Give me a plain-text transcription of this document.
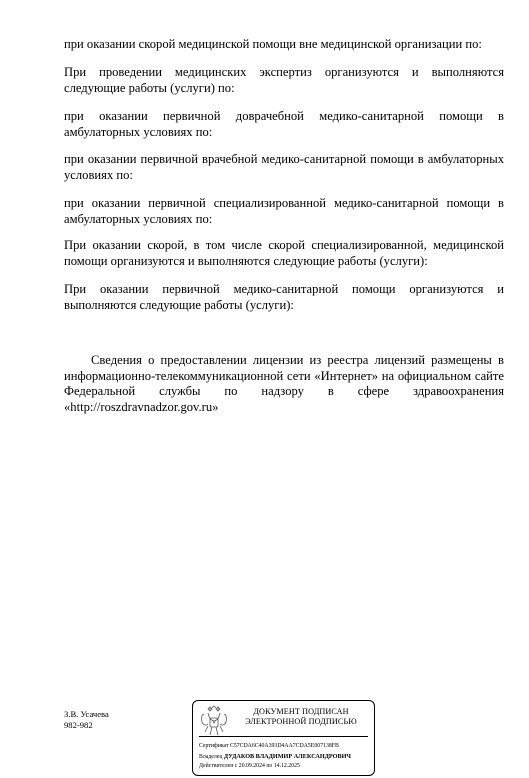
при оказании скорой медицинской помощи вне медицинской организации по:

При проведении медицинских экспертиз организуются и выполняются следующие работы (услуги) по:

при оказании первичной доврачебной медико-санитарной помощи в амбулаторных условиях по:

при оказании первичной врачебной медико-санитарной помощи в амбулаторных условиях по:

при оказании первичной специализированной медико-санитарной помощи в амбулаторных условиях по:

При оказании скорой, в том числе скорой специализированной, медицинской помощи организуются и выполняются следующие работы (услуги):

При оказании первичной медико-санитарной помощи организуются и выполняются следующие работы (услуги):

Сведения о предоставлении лицензии из реестра лицензий размещены в информационно-телекоммуникационной сети «Интернет» на официальном сайте Федеральной службы по надзору в сфере здравоохранения «http://roszdravnadzor.gov.ru»

З.В. Усачева
982-982
ДОКУМЕНТ ПОДПИСАН
ЭЛЕКТРОННОЙ ПОДПИСЬЮ
Сертификат C57CDA6C40A393D4AA7CDA5E007138FB
Владелец ДУДАКОВ ВЛАДИМИР АЛЕКСАНДРОВИЧ
Действителен с 20.09.2024 по 14.12.2025
